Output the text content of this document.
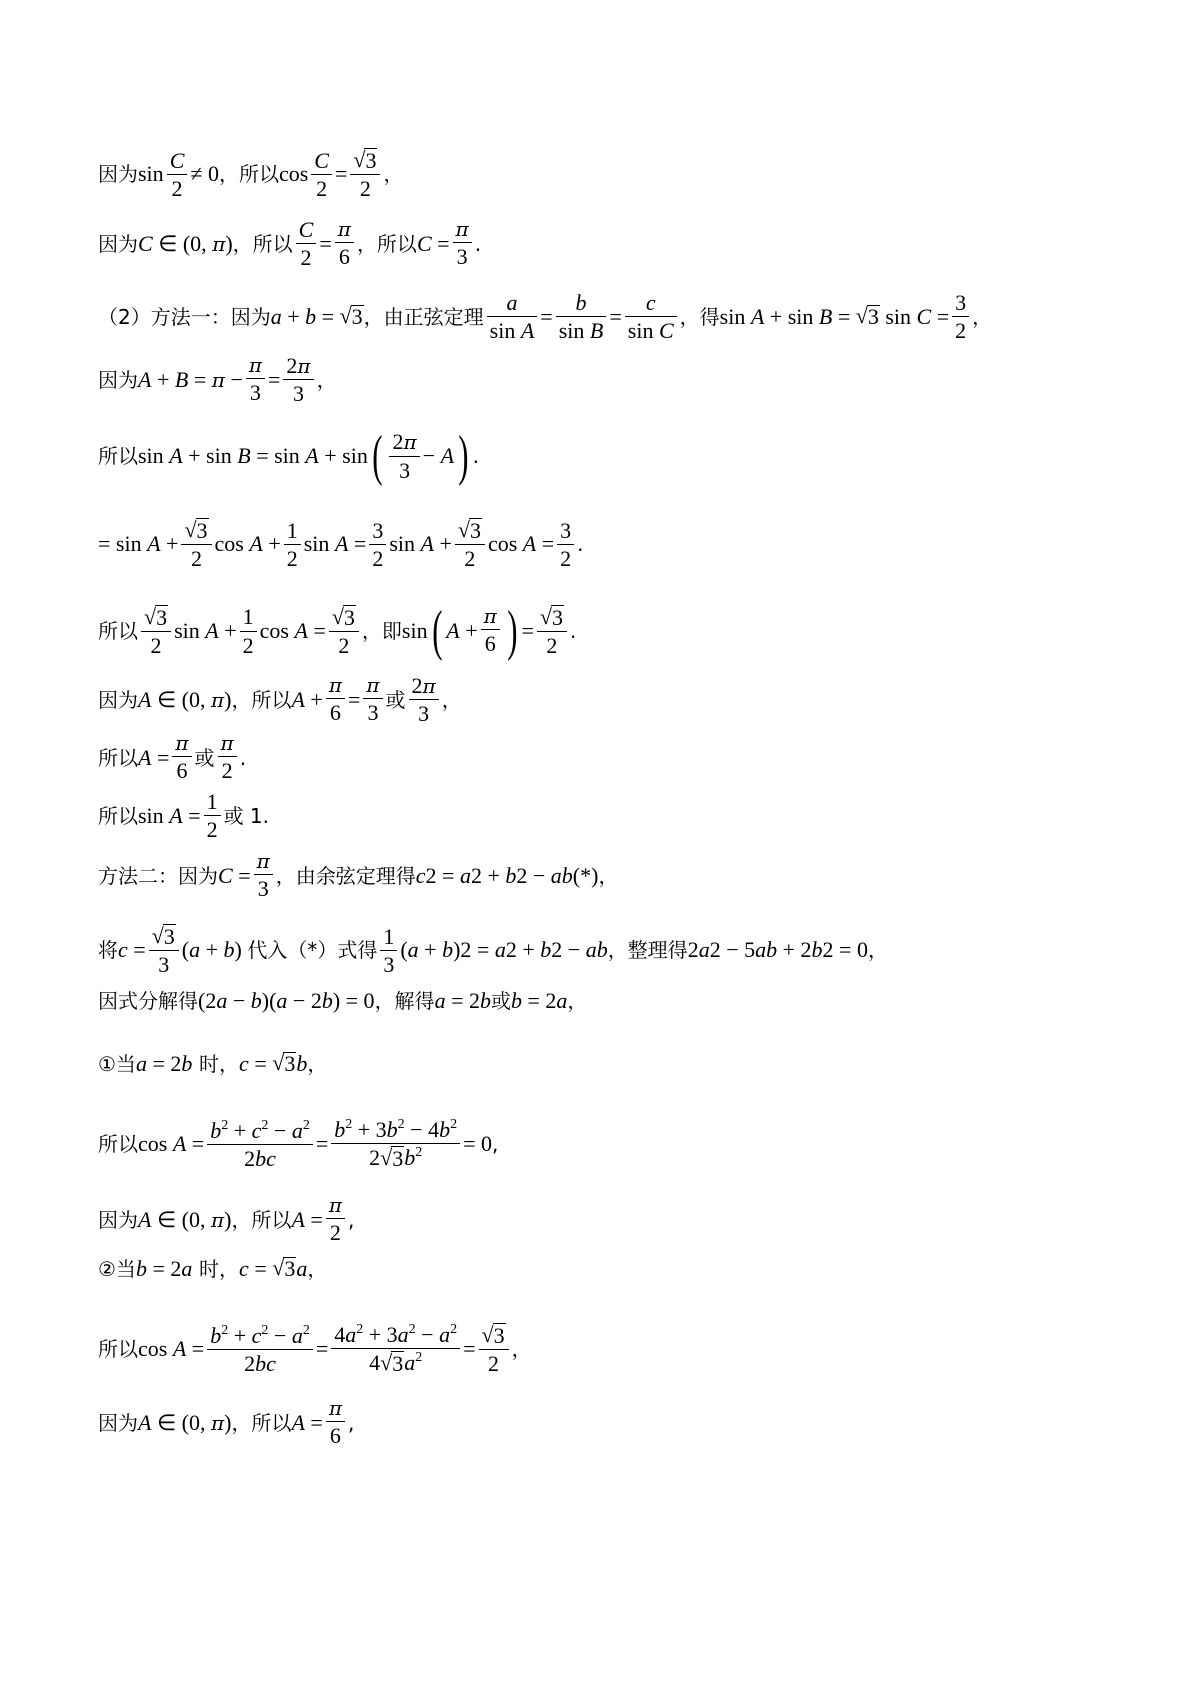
因为 $\sin \frac{C}{2} \ne 0$ ，所以 $\cos \frac{C}{2} = \frac{√ 3}{2}$ ，
因为 C ∈ (0, π ) ，所以 $\frac{C}{2} = \frac{\pi}{6}$ ，所以 $C = \frac{\pi}{3}$ .
（2）方法一：因为 a + b = √ 3 ，由正弦定理 $\frac{a}{\text{sin A}} = \frac{b}{\text{sin B}} = \frac{c}{\text{sin C}}$ ，得 sin A + sin B = √ 3 $\sin C = \frac{3}{2}$ ，
因为 $A + B = \pi - \frac{\pi}{3} = \frac{2\pi}{3}$ ，
所以 sin A + sin B = sin A + sin ( $\frac{2\pi}{3} - A$ ) .
= $\sin A + \frac{√ 3}{2}$ $\cos A + \frac{1}{2}$ $\sin A = \frac{3}{2}$ $\sin A + \frac{√ 3}{2}$ $\cos A = \frac{3}{2}$ .
所以 $\frac{√ 3}{2}$ $\sin A + \frac{1}{2}$ $\cos A = \frac{√ 3}{2}$ ，即 sin ( $A + \frac{\pi}{6}$ ) = $\frac{√ 3}{2}$ .
因为 A ∈ (0, π ) ，所以 $A + \frac{\pi}{6} = \frac{\pi}{3}$ 或 $\frac{2\pi}{3}$ ，
所以 $A = \frac{\pi}{6}$ 或 $\frac{\pi}{2}$ .
所以 $\sin A = \frac{1}{2}$ 或 1.
方法二：因为 $C = \frac{\pi}{3}$ ，由余弦定理得 c 2 = a 2 + b 2 − ab (*) ，
将 $c = \frac{√ 3}{3} (a + b)$ 代入（*）式得 $\frac{1}{3} (a + b) 2 = a$ 2 + b 2 − ab ，整理得 2 a 2 − 5 ab + 2 b 2 = 0 ，
因式分解得 (2a − b)(a − 2b) = 0 ，解得 a = 2 b 或 b = 2 a ，
①当 a = 2 b
时， c = √ 3 b ，
所以 $\cos A = \frac{b^2 + c^2 - a^2}{2bc} = \frac{b^2 + 3b^2 - 4b^2}{2 √ 3 b^2} = 0$ ,
因为 A ∈ (0, π ) ，所以 $A = \frac{\pi}{2}$ ,
②当 b = 2 a
时， c = √ 3 a ，
所以 $\cos A = \frac{b^2 + c^2 - a^2}{2bc} = \frac{4a^2 + 3a^2 - a^2}{4 √ 3 a^2} = \frac{√ 3}{2}$ ，
因为 A ∈ (0, π ) ，所以 $A = \frac{\pi}{6}$ ,
